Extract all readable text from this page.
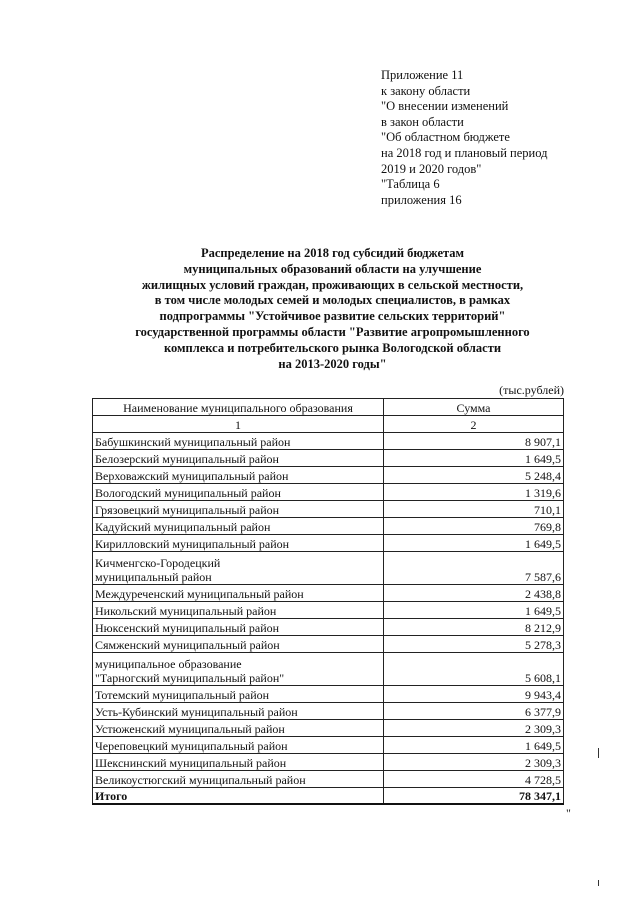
Приложение 11
к закону области
"О внесении изменений
в закон области
"Об областном бюджете
на 2018 год и плановый период
2019 и 2020 годов"
"Таблица 6
приложения 16
Распределение на 2018 год субсидий бюджетам
муниципальных образований области на улучшение
жилищных условий граждан, проживающих в сельской местности,
в том числе молодых семей и молодых специалистов, в рамках
подпрограммы "Устойчивое развитие сельских территорий"
государственной программы области "Развитие агропромышленного
комплекса и потребительского рынка Вологодской области
на 2013-2020 годы"
(тыс.рублей)
Наименование муниципального образования	Сумма
1	2
Бабушкинский муниципальный район	8 907,1
Белозерский муниципальный район	1 649,5
Верховажский муниципальный район	5 248,4
Вологодский муниципальный район	1 319,6
Грязовецкий муниципальный район	710,1
Кадуйский муниципальный район	769,8
Кирилловский муниципальный район	1 649,5

Кичменгско-Городецкий
муниципальный район	7 587,6
Междуреченский муниципальный район	2 438,8
Никольский муниципальный район	1 649,5
Нюксенский муниципальный район	8 212,9
Сямженский муниципальный район	5 278,3

муниципальное образование
"Тарногский муниципальный район"	5 608,1
Тотемский муниципальный район	9 943,4
Усть-Кубинский муниципальный район	6 377,9
Устюженский муниципальный район	2 309,3
Череповецкий муниципальный район	1 649,5
Шекснинский муниципальный район	2 309,3
Великоустюгский муниципальный район	4 728,5
Итого	78 347,1
"
